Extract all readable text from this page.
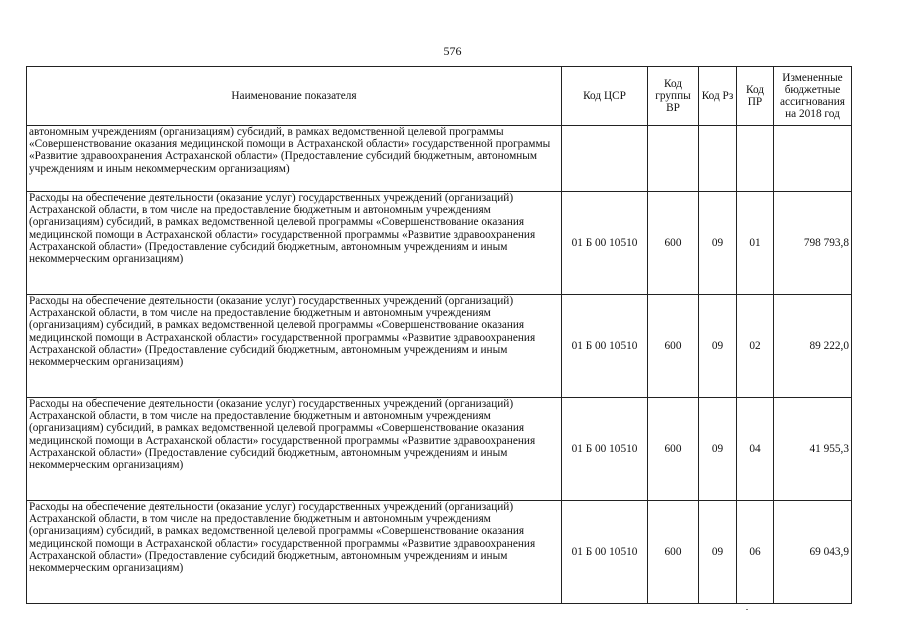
576
Наименование показателя	Код ЦСР	Код группы ВР	Код Рз	Код ПР	Измененные бюджетные ассигнования на 2018 год
автономным учреждениям (организациям) субсидий, в рамках ведомственной целевой программы «Совершенствование оказания медицинской помощи в Астраханской области» государственной программы «Развитие здравоохранения Астраханской области» (Предоставление субсидий бюджетным, автономным учреждениям и иным некоммерческим организациям)					
Расходы на обеспечение деятельности (оказание услуг) государственных учреждений (организаций) Астраханской области, в том числе на предоставление бюджетным и автономным учреждениям (организациям) субсидий, в рамках ведомственной целевой программы «Совершенствование оказания медицинской помощи в Астраханской области» государственной программы «Развитие здравоохранения Астраханской области» (Предоставление субсидий бюджетным, автономным учреждениям и иным некоммерческим организациям)	01 Б 00 10510	600	09	01	798 793,8
Расходы на обеспечение деятельности (оказание услуг) государственных учреждений (организаций) Астраханской области, в том числе на предоставление бюджетным и автономным учреждениям (организациям) субсидий, в рамках ведомственной целевой программы «Совершенствование оказания медицинской помощи в Астраханской области» государственной программы «Развитие здравоохранения Астраханской области» (Предоставление субсидий бюджетным, автономным учреждениям и иным некоммерческим организациям)	01 Б 00 10510	600	09	02	89 222,0
Расходы на обеспечение деятельности (оказание услуг) государственных учреждений (организаций) Астраханской области, в том числе на предоставление бюджетным и автономным учреждениям (организациям) субсидий, в рамках ведомственной целевой программы «Совершенствование оказания медицинской помощи в Астраханской области» государственной программы «Развитие здравоохранения Астраханской области» (Предоставление субсидий бюджетным, автономным учреждениям и иным некоммерческим организациям)	01 Б 00 10510	600	09	04	41 955,3
Расходы на обеспечение деятельности (оказание услуг) государственных учреждений (организаций) Астраханской области, в том числе на предоставление бюджетным и автономным учреждениям (организациям) субсидий, в рамках ведомственной целевой программы «Совершенствование оказания медицинской помощи в Астраханской области» государственной программы «Развитие здравоохранения Астраханской области» (Предоставление субсидий бюджетным, автономным учреждениям и иным некоммерческим организациям)	01 Б 00 10510	600	09	06	69 043,9
